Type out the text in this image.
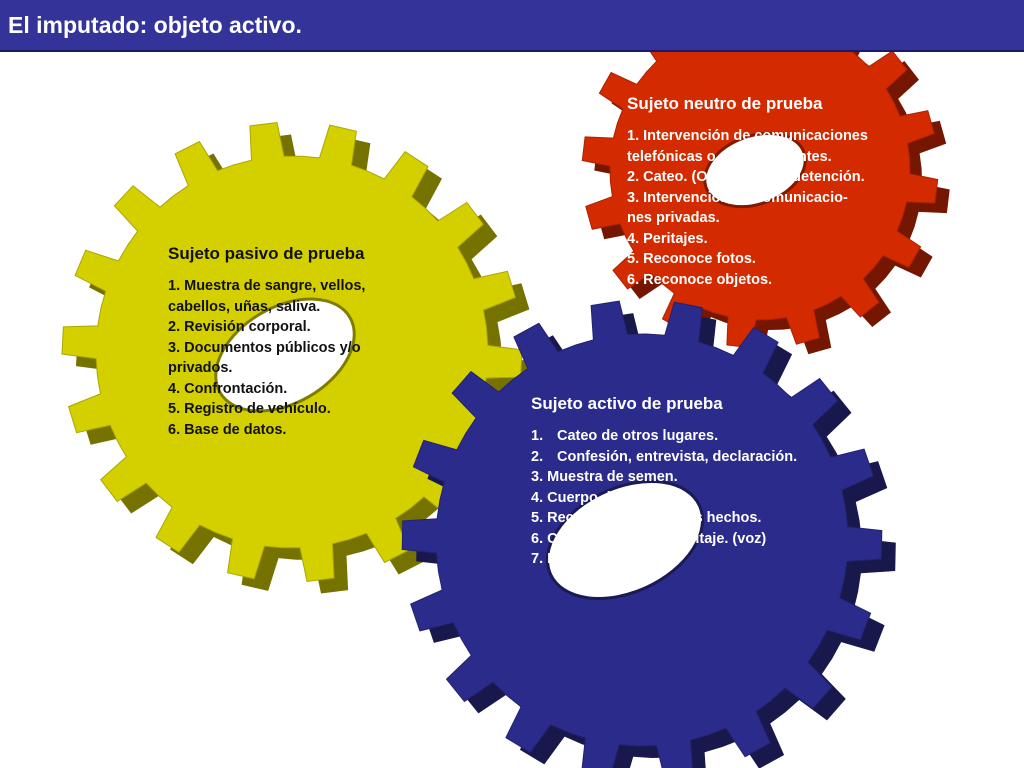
El imputado: objeto activo.
Sujeto pasivo de prueba
1. Muestra de sangre, vellos,
cabellos, uñas, saliva.
2. Revisión corporal.
3. Documentos públicos y/o
privados.
4. Confrontación.
5. Registro de vehículo.
6. Base de datos.
Sujeto neutro de prueba
1. Intervención de comunicaciones
telefónicas o entre presentes.
2. Cateo. (Ojo: antes de detención.
3. Intervención de comunicacio-
nes privadas.
4. Peritajes.
5. Reconoce fotos.
6. Reconoce objetos.
Sujeto activo de prueba
1. Cateo de otros lugares.
2. Confesión, entrevista, declaración.
3. Muestra de semen.
4. Cuerpo de escritura.
5. Reconstrucción de los hechos.
6. Complemento del peritaje. (voz)
7. Prueba anticipada.
